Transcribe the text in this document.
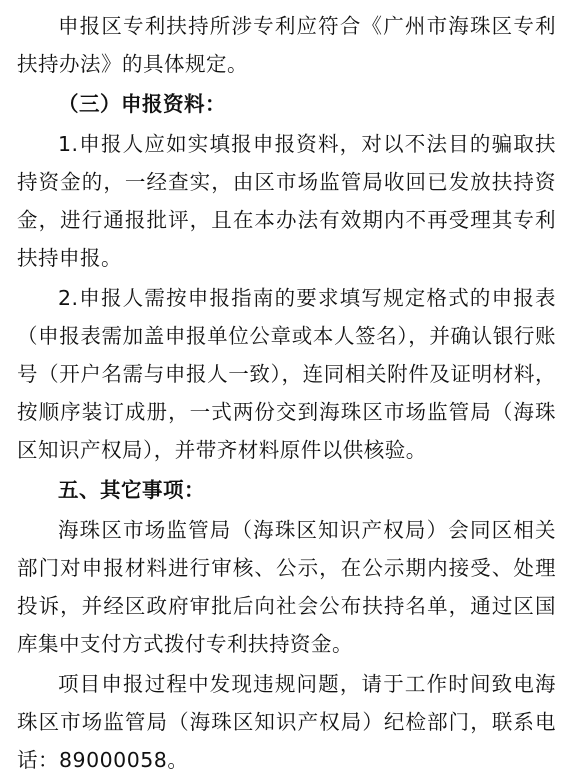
申报区专利扶持所涉专利应符合《广州市海珠区专利扶持办法》的具体规定。

（三）申报资料：

1.申报人应如实填报申报资料，对以不法目的骗取扶持资金的，一经查实，由区市场监管局收回已发放扶持资金，进行通报批评，且在本办法有效期内不再受理其专利扶持申报。

2.申报人需按申报指南的要求填写规定格式的申报表（申报表需加盖申报单位公章或本人签名），并确认银行账号（开户名需与申报人一致），连同相关附件及证明材料，按顺序装订成册，一式两份交到海珠区市场监管局（海珠区知识产权局），并带齐材料原件以供核验。

五、其它事项：

海珠区市场监管局（海珠区知识产权局）会同区相关部门对申报材料进行审核、公示，在公示期内接受、处理投诉，并经区政府审批后向社会公布扶持名单，通过区国库集中支付方式拨付专利扶持资金。

项目申报过程中发现违规问题，请于工作时间致电海珠区市场监管局（海珠区知识产权局）纪检部门，联系电话：89000058。
